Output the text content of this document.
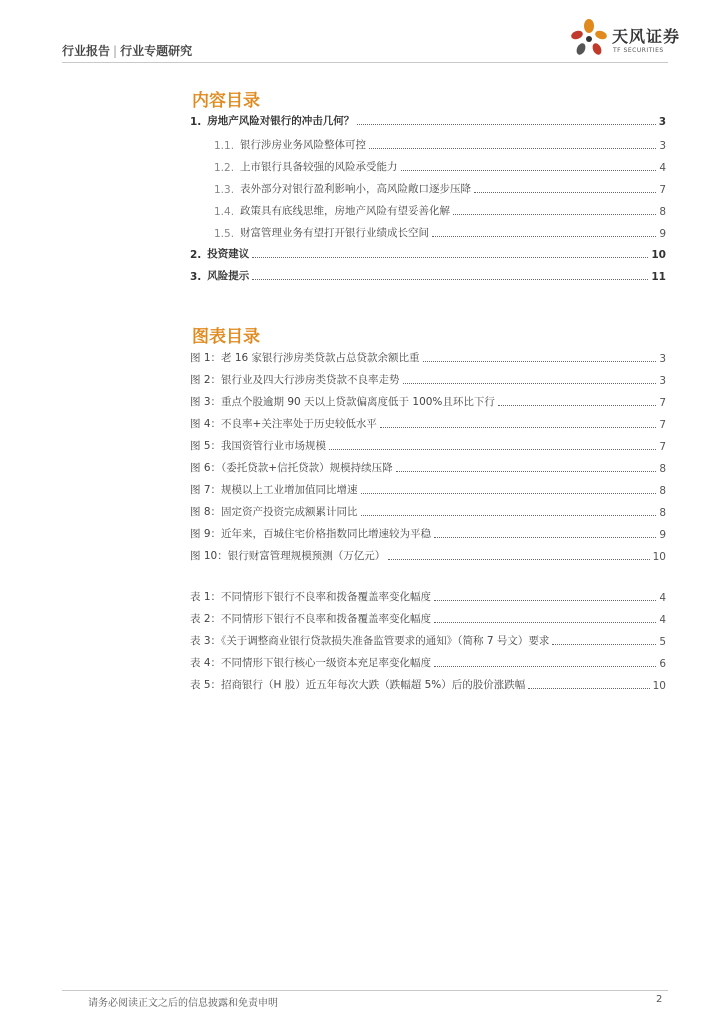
行业报告 | 行业专题研究
天风证券
TF SECURITIES
内容目录
1. 房地产风险对银行的冲击几何？	3
1.1. 银行涉房业务风险整体可控	3
1.2. 上市银行具备较强的风险承受能力	4
1.3. 表外部分对银行盈利影响小，高风险敞口逐步压降	7
1.4. 政策具有底线思维，房地产风险有望妥善化解	8
1.5. 财富管理业务有望打开银行业绩成长空间	9
2. 投资建议	10
3. 风险提示	11
图表目录
图 1：老 16 家银行涉房类贷款占总贷款余额比重	3
图 2：银行业及四大行涉房类贷款不良率走势	3
图 3：重点个股逾期 90 天以上贷款偏离度低于 100%且环比下行	7
图 4：不良率+关注率处于历史较低水平	7
图 5：我国资管行业市场规模	7
图 6：（委托贷款+信托贷款）规模持续压降	8
图 7：规模以上工业增加值同比增速	8
图 8：固定资产投资完成额累计同比	8
图 9：近年来，百城住宅价格指数同比增速较为平稳	9
图 10：银行财富管理规模预测（万亿元）	10
表 1：不同情形下银行不良率和拨备覆盖率变化幅度	4
表 2：不同情形下银行不良率和拨备覆盖率变化幅度	4
表 3：《关于调整商业银行贷款损失准备监管要求的通知》（简称 7 号文）要求	5
表 4：不同情形下银行核心一级资本充足率变化幅度	6
表 5：招商银行（H 股）近五年每次大跌（跌幅超 5%）后的股价涨跌幅	10
请务必阅读正文之后的信息披露和免责申明	2
